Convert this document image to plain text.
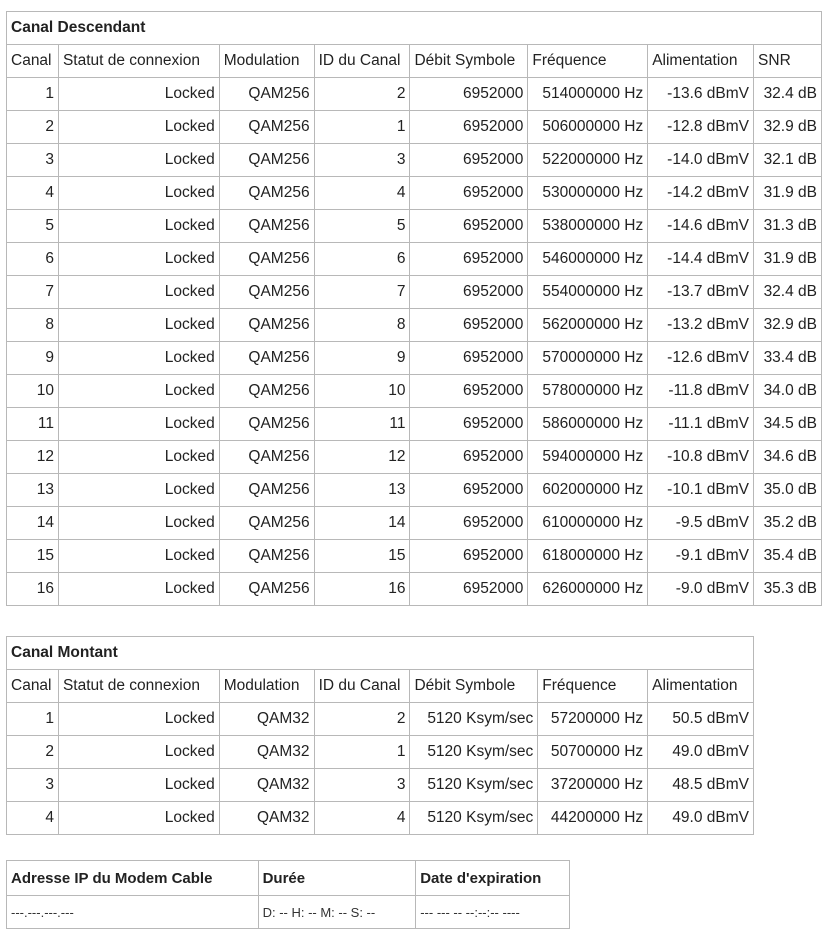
Canal Descendant							
Canal	Statut de connexion	Modulation	ID du Canal	Débit Symbole	Fréquence	Alimentation	SNR
1	Locked	QAM256	2	6952000	514000000 Hz	-13.6 dBmV	32.4 dB
2	Locked	QAM256	1	6952000	506000000 Hz	-12.8 dBmV	32.9 dB
3	Locked	QAM256	3	6952000	522000000 Hz	-14.0 dBmV	32.1 dB
4	Locked	QAM256	4	6952000	530000000 Hz	-14.2 dBmV	31.9 dB
5	Locked	QAM256	5	6952000	538000000 Hz	-14.6 dBmV	31.3 dB
6	Locked	QAM256	6	6952000	546000000 Hz	-14.4 dBmV	31.9 dB
7	Locked	QAM256	7	6952000	554000000 Hz	-13.7 dBmV	32.4 dB
8	Locked	QAM256	8	6952000	562000000 Hz	-13.2 dBmV	32.9 dB
9	Locked	QAM256	9	6952000	570000000 Hz	-12.6 dBmV	33.4 dB
10	Locked	QAM256	10	6952000	578000000 Hz	-11.8 dBmV	34.0 dB
11	Locked	QAM256	11	6952000	586000000 Hz	-11.1 dBmV	34.5 dB
12	Locked	QAM256	12	6952000	594000000 Hz	-10.8 dBmV	34.6 dB
13	Locked	QAM256	13	6952000	602000000 Hz	-10.1 dBmV	35.0 dB
14	Locked	QAM256	14	6952000	610000000 Hz	-9.5 dBmV	35.2 dB
15	Locked	QAM256	15	6952000	618000000 Hz	-9.1 dBmV	35.4 dB
16	Locked	QAM256	16	6952000	626000000 Hz	-9.0 dBmV	35.3 dB
Canal Montant						
Canal	Statut de connexion	Modulation	ID du Canal	Débit Symbole	Fréquence	Alimentation
1	Locked	QAM32	2	5120 Ksym/sec	57200000 Hz	50.5 dBmV
2	Locked	QAM32	1	5120 Ksym/sec	50700000 Hz	49.0 dBmV
3	Locked	QAM32	3	5120 Ksym/sec	37200000 Hz	48.5 dBmV
4	Locked	QAM32	4	5120 Ksym/sec	44200000 Hz	49.0 dBmV
Adresse IP du Modem Cable	Durée	Date d'expiration
---.---.---.---	D: -- H: -- M: -- S: --	--- --- -- --:--:-- ----
